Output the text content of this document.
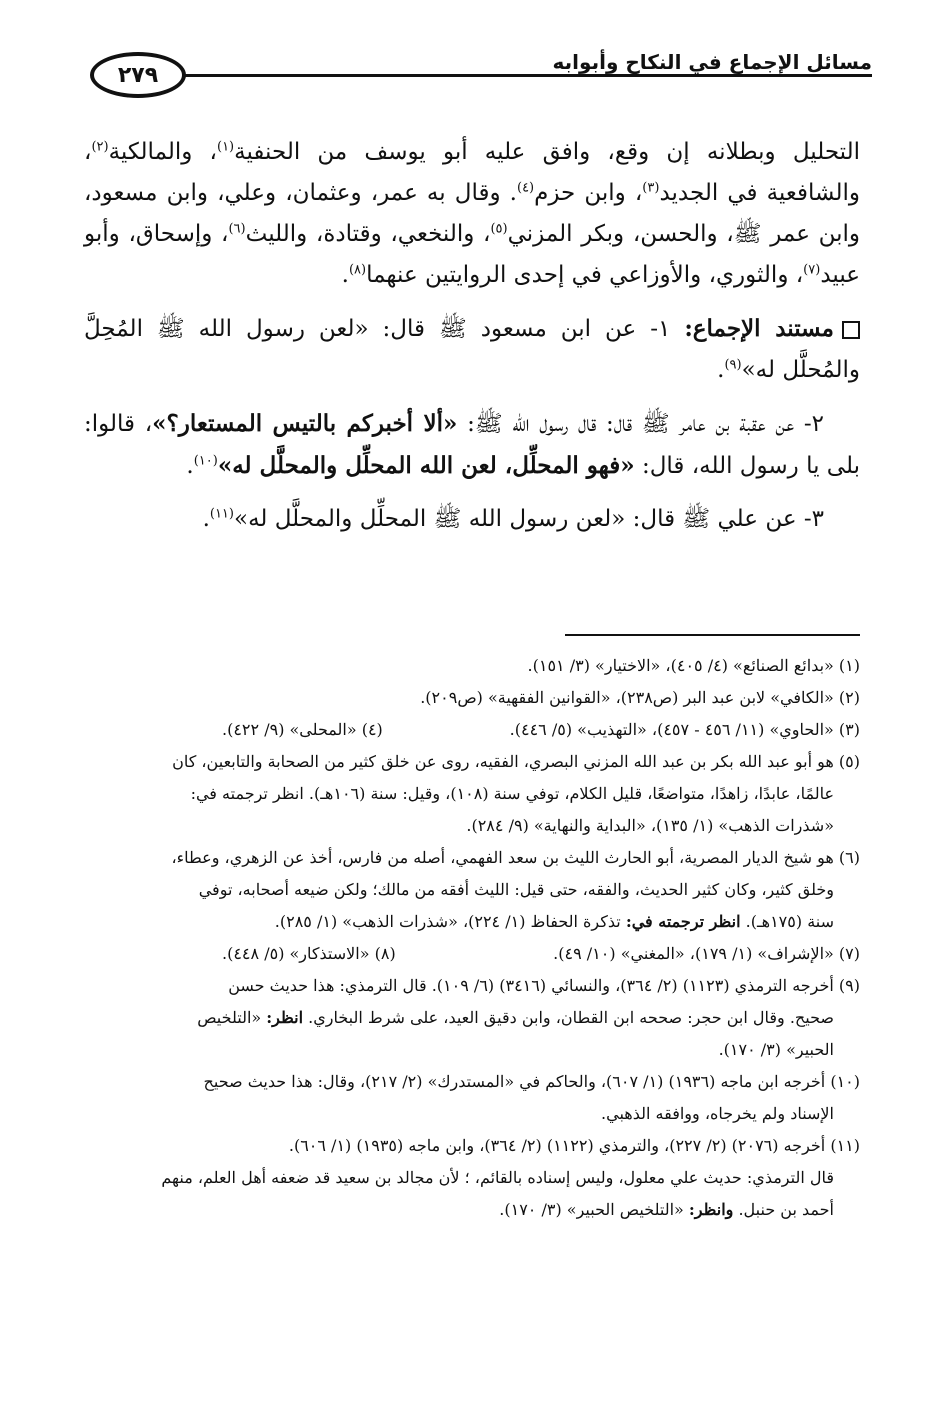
مسائل الإجماع في النكاح وأبوابه
٢٧٩

التحليل وبطلانه إن وقع، وافق عليه أبو يوسف من الحنفية$^{(١)}$، والمالكية$^{(٢)}$، والشافعية في الجديد$^{(٣)}$، وابن حزم$^{(٤)}$. وقال به عمر، وعثمان، وعلي، وابن مسعود، وابن عمر ﷺ، والحسن، وبكر المزني$^{(٥)}$، والنخعي، وقتادة، والليث$^{(٦)}$، وإسحاق، وأبو عبيد$^{(٧)}$، والثوري، والأوزاعي في إحدى الروايتين عنهما$^{(٨)}$.

مستند الإجماع: ١- عن ابن مسعود ﷺ قال: «لعن رسول الله ﷺ المُحِلَّ والمُحلَّل له»$^{(٩)}$.

٢- عن عقبة بن عامر ﷺ قال: قال رسول الله ﷺ: «ألا أخبركم بالتيس المستعار؟»، قالوا: بلى يا رسول الله، قال: «فهو المحلِّل، لعن الله المحلِّل والمحلَّل له»$^{(١٠)}$.

٣- عن علي ﷺ قال: «لعن رسول الله ﷺ المحلِّل والمحلَّل له»$^{(١١)}$.

(١) «بدائع الصنائع» (٤/ ٤٠٥)، «الاختيار» (٣/ ١٥١).

(٢) «الكافي» لابن عبد البر (ص٢٣٨)، «القوانين الفقهية» (ص٢٠٩).

(٣) «الحاوي» (١١/ ٤٥٦ - ٤٥٧)، «التهذيب» (٥/ ٤٤٦).
(٤) «المحلى» (٩/ ٤٢٢).

(٥) هو أبو عبد الله بكر بن عبد الله المزني البصري، الفقيه، روى عن خلق كثير من الصحابة والتابعين، كان

عالمًا، عابدًا، زاهدًا، متواضعًا، قليل الكلام، توفي سنة (١٠٨)، وقيل: سنة (١٠٦هـ). انظر ترجمته في:

«شذرات الذهب» (١/ ١٣٥)، «البداية والنهاية» (٩/ ٢٨٤).

(٦) هو شيخ الديار المصرية، أبو الحارث الليث بن سعد الفهمي، أصله من فارس، أخذ عن الزهري، وعطاء،

وخلق كثير، وكان كثير الحديث، والفقه، حتى قيل: الليث أفقه من مالك؛ ولكن ضيعه أصحابه، توفي

سنة (١٧٥هـ). انظر ترجمته في: تذكرة الحفاظ (١/ ٢٢٤)، «شذرات الذهب» (١/ ٢٨٥).

(٧) «الإشراف» (١/ ١٧٩)، «المغني» (١٠/ ٤٩).
(٨) «الاستذكار» (٥/ ٤٤٨).

(٩) أخرجه الترمذي (١١٢٣) (٢/ ٣٦٤)، والنسائي (٣٤١٦) (٦/ ١٠٩). قال الترمذي: هذا حديث حسن

صحيح. وقال ابن حجر: صححه ابن القطان، وابن دقيق العيد، على شرط البخاري. انظر: «التلخيص

الحبير» (٣/ ١٧٠).

(١٠) أخرجه ابن ماجه (١٩٣٦) (١/ ٦٠٧)، والحاكم في «المستدرك» (٢/ ٢١٧)، وقال: هذا حديث صحيح

الإسناد ولم يخرجاه، ووافقه الذهبي.

(١١) أخرجه (٢٠٧٦) (٢/ ٢٢٧)، والترمذي (١١٢٢) (٢/ ٣٦٤)، وابن ماجه (١٩٣٥) (١/ ٦٠٦).

قال الترمذي: حديث علي معلول، وليس إسناده بالقائم، ؛ لأن مجالد بن سعيد قد ضعفه أهل العلم، منهم

أحمد بن حنبل. وانظر: «التلخيص الحبير» (٣/ ١٧٠).
